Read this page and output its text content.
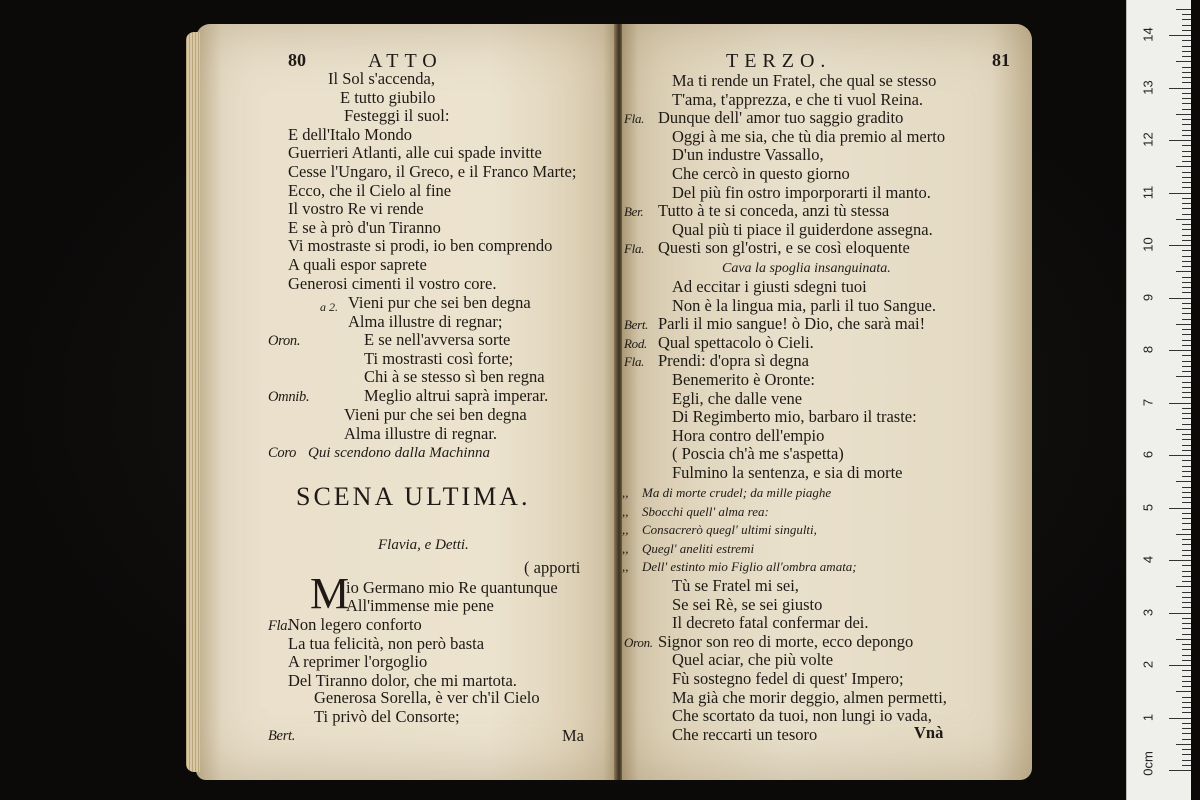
80	ATTO
Il Sol s'accenda,
E tutto giubilo
Festeggi il suol:
E dell'Italo Mondo
Guerrieri Atlanti, alle cui spade invitte
Cesse l'Ungaro, il Greco, e il Franco Marte;
Ecco, che il Cielo al fine
Il vostro Re vi rende
E se à prò d'un Tiranno
Vi mostraste si prodi, io ben comprendo
A quali espor saprete
Generosi cimenti il vostro core.

Oron.

Omnib.

a 2. Vieni pur che sei ben degna
Alma illustre di regnar;
E se nell'avversa sorte
Ti mostrasti così forte;
Chi à se stesso sì ben regna
Meglio altrui saprà imperar.

Coro

Vieni pur che sei ben degna
Alma illustre di regnar.
Qui scendono dalla Machinna
SCENA ULTIMA.
Flavia, e Detti.
( apporti

Fla.

M
io Germano mio Re quantunque
All'immense mie pene
Non legero conforto
La tua felicità, non però basta
A reprimer l'orgoglio
Del Tiranno dolor, che mi martota.

Bert.

Generosa Sorella, è ver ch'il Cielo
Ti privò del Consorte;
Ma
TERZO.	81
Ma ti rende un Fratel, che qual se stesso
T'ama, t'apprezza, e che ti vuol Reina.
Fla. Dunque dell' amor tuo saggio gradito
Oggi à me sia, che tù dia premio al merto
D'un industre Vassallo,
Che cercò in questo giorno
Del più fin ostro imporporarti il manto.
Ber. Tutto à te si conceda, anzi tù stessa
Qual più ti piace il guiderdone assegna.
Fla. Questi son gl'ostri, e se così eloquente
Cava la spoglia insanguinata.
Ad eccitar i giusti sdegni tuoi
Non è la lingua mia, parli il tuo Sangue.
Bert. Parli il mio sangue! ò Dio, che sarà mai!
Rod. Qual spettacolo ò Cieli.
Fla. Prendi: d'opra sì degna
Benemerito è Oronte:
Egli, che dalle vene
Di Regimberto mio, barbaro il traste:
Hora contro dell'empio
( Poscia ch'à me s'aspetta)
Fulmino la sentenza, e sia di morte
,, Ma di morte crudel; da mille piaghe
,, Sbocchi quell' alma rea:
,, Consacrerò quegl' ultimi singulti,
,, Quegl' aneliti estremi
,, Dell' estinto mio Figlio all'ombra amata;
Tù se Fratel mi sei,
Se sei Rè, se sei giusto
Il decreto fatal confermar dei.
Oron. Signor son reo di morte, ecco depongo
Quel aciar, che più volte
Fù sostegno fedel di quest' Impero;
Ma già che morir deggio, almen permetti,
Che scortato da tuoi, non lungi io vada,
Che reccarti un tesoro	Vnà
0cm
1
2
3
4
5
6
7
8
9
10
11
12
13
14
